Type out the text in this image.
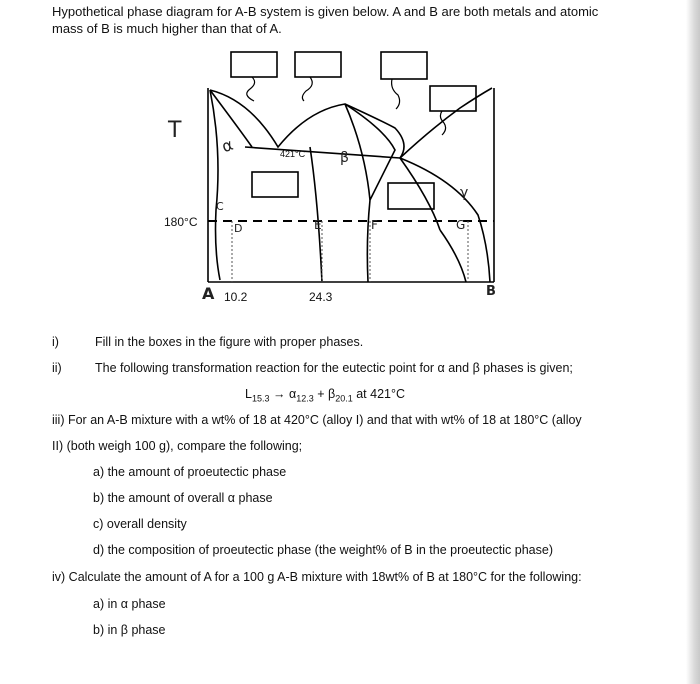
Hypothetical phase diagram for A-B system is given below. A and B are both metals and atomic

mass of B is much higher than that of A.

T
180°C
421°C
A	B
10.2	24.3
α
β
γ
C
D	E	F	G
i)	Fill in the boxes in the figure with proper phases.
ii)	The following transformation reaction for the eutectic point for α and β phases is given;
$L_{15.3} \to \alpha_{12.3} + \beta_{20.1}$ at 421°C
iii) For an A-B mixture with a wt% of 18 at 420°C (alloy I) and that with wt% of 18 at 180°C (alloy
II) (both weigh 100 g), compare the following;
a) the amount of proeutectic phase
b) the amount of overall α phase
c) overall density
d) the composition of proeutectic phase (the weight% of B in the proeutectic phase)
iv) Calculate the amount of A for a 100 g A-B mixture with 18wt% of B at 180°C for the following:
a) in α phase
b) in β phase
